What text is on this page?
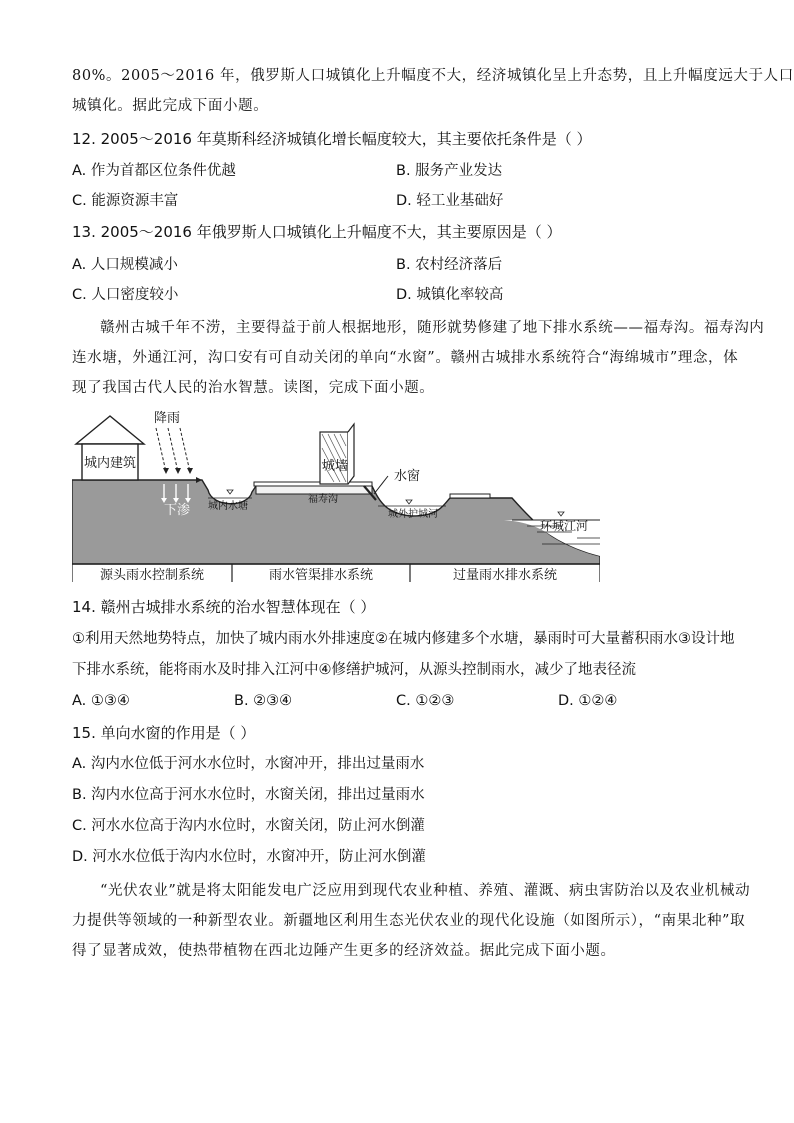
80%。2005～2016 年，俄罗斯人口城镇化上升幅度不大，经济城镇化呈上升态势，且上升幅度远大于人口
城镇化。据此完成下面小题。
12. 2005～2016 年莫斯科经济城镇化增长幅度较大，其主要依托条件是（ ）
A. 作为首都区位条件优越	B. 服务产业发达
C. 能源资源丰富	D. 轻工业基础好
13. 2005～2016 年俄罗斯人口城镇化上升幅度不大，其主要原因是（ ）
A. 人口规模减小	B. 农村经济落后
C. 人口密度较小	D. 城镇化率较高
赣州古城千年不涝，主要得益于前人根据地形，随形就势修建了地下排水系统——福寿沟。福寿沟内
连水塘，外通江河，沟口安有可自动关闭的单向“水窗”。赣州古城排水系统符合“海绵城市”理念，体
现了我国古代人民的治水智慧。读图，完成下面小题。
降雨
城内建筑
下渗 城内水塘
城墙
水窗
福寿沟
城外护城河
环城江河
源头雨水控制系统	雨水管渠排水系统	过量雨水排水系统
14. 赣州古城排水系统的治水智慧体现在（ ）
①利用天然地势特点，加快了城内雨水外排速度②在城内修建多个水塘，暴雨时可大量蓄积雨水③设计地
下排水系统，能将雨水及时排入江河中④修缮护城河，从源头控制雨水，减少了地表径流
A. ①③④	B. ②③④	C. ①②③	D. ①②④
15. 单向水窗的作用是（ ）
A. 沟内水位低于河水水位时，水窗冲开，排出过量雨水
B. 沟内水位高于河水水位时，水窗关闭，排出过量雨水
C. 河水水位高于沟内水位时，水窗关闭，防止河水倒灌
D. 河水水位低于沟内水位时，水窗冲开，防止河水倒灌
“光伏农业”就是将太阳能发电广泛应用到现代农业种植、养殖、灌溉、病虫害防治以及农业机械动
力提供等领域的一种新型农业。新疆地区利用生态光伏农业的现代化设施（如图所示），“南果北种”取
得了显著成效，使热带植物在西北边陲产生更多的经济效益。据此完成下面小题。
